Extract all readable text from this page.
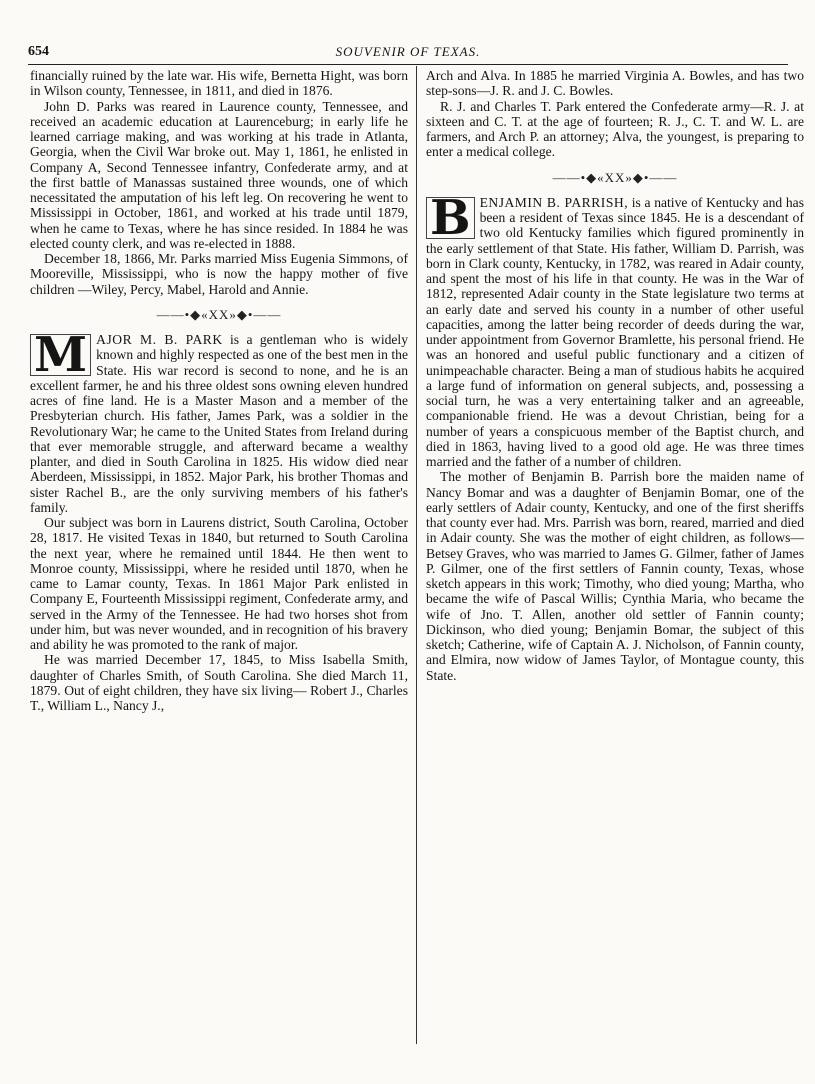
654	SOUVENIR OF TEXAS.

financially ruined by the late war. His wife, Bernetta Hight, was born in Wilson county, Tennessee, in 1811, and died in 1876.

John D. Parks was reared in Laurence county, Tennessee, and received an academic education at Laurenceburg; in early life he learned carriage making, and was working at his trade in Atlanta, Georgia, when the Civil War broke out. May 1, 1861, he enlisted in Company A, Second Tennessee infantry, Confederate army, and at the first battle of Manassas sustained three wounds, one of which necessitated the amputation of his left leg. On recovering he went to Mississippi in October, 1861, and worked at his trade until 1879, when he came to Texas, where he has since resided. In 1884 he was elected county clerk, and was re-elected in 1888.

December 18, 1866, Mr. Parks married Miss Eugenia Simmons, of Mooreville, Mississippi, who is now the happy mother of five children —Wiley, Percy, Mabel, Harold and Annie.

——•◆«XX»◆•——

M AJOR M. B. PARK is a gentleman who is widely known and highly respected as one of the best men in the State. His war record is second to none, and he is an excellent farmer, he and his three oldest sons owning eleven hundred acres of fine land. He is a Master Mason and a member of the Presbyterian church. His father, James Park, was a soldier in the Revolutionary War; he came to the United States from Ireland during that ever memorable struggle, and afterward became a wealthy planter, and died in South Carolina in 1825. His widow died near Aberdeen, Mississippi, in 1852. Major Park, his brother Thomas and sister Rachel B., are the only surviving members of his father's family.

Our subject was born in Laurens district, South Carolina, October 28, 1817. He visited Texas in 1840, but returned to South Carolina the next year, where he remained until 1844. He then went to Monroe county, Mississippi, where he resided until 1870, when he came to Lamar county, Texas. In 1861 Major Park enlisted in Company E, Fourteenth Mississippi regiment, Confederate army, and served in the Army of the Tennessee. He had two horses shot from under him, but was never wounded, and in recognition of his bravery and ability he was promoted to the rank of major.

He was married December 17, 1845, to Miss Isabella Smith, daughter of Charles Smith, of South Carolina. She died March 11, 1879. Out of eight children, they have six living— Robert J., Charles T., William L., Nancy J.,

Arch and Alva. In 1885 he married Virginia A. Bowles, and has two step-sons—J. R. and J. C. Bowles.

R. J. and Charles T. Park entered the Confederate army—R. J. at sixteen and C. T. at the age of fourteen; R. J., C. T. and W. L. are farmers, and Arch P. an attorney; Alva, the youngest, is preparing to enter a medical college.

——•◆«XX»◆•——

B ENJAMIN B. PARRISH, is a native of Kentucky and has been a resident of Texas since 1845. He is a descendant of two old Kentucky families which figured prominently in the early settlement of that State. His father, William D. Parrish, was born in Clark county, Kentucky, in 1782, was reared in Adair county, and spent the most of his life in that county. He was in the War of 1812, represented Adair county in the State legislature two terms at an early date and served his county in a number of other useful capacities, among the latter being recorder of deeds during the war, under appointment from Governor Bramlette, his personal friend. He was an honored and useful public functionary and a citizen of unimpeachable character. Being a man of studious habits he acquired a large fund of information on general subjects, and, possessing a social turn, he was a very entertaining talker and an agreeable, companionable friend. He was a devout Christian, being for a number of years a conspicuous member of the Baptist church, and died in 1863, having lived to a good old age. He was three times married and the father of a number of children.

The mother of Benjamin B. Parrish bore the maiden name of Nancy Bomar and was a daughter of Benjamin Bomar, one of the early settlers of Adair county, Kentucky, and one of the first sheriffs that county ever had. Mrs. Parrish was born, reared, married and died in Adair county. She was the mother of eight children, as follows—Betsey Graves, who was married to James G. Gilmer, father of James P. Gilmer, one of the first settlers of Fannin county, Texas, whose sketch appears in this work; Timothy, who died young; Martha, who became the wife of Pascal Willis; Cynthia Maria, who became the wife of Jno. T. Allen, another old settler of Fannin county; Dickinson, who died young; Benjamin Bomar, the subject of this sketch; Catherine, wife of Captain A. J. Nicholson, of Fannin county, and Elmira, now widow of James Taylor, of Montague county, this State.
